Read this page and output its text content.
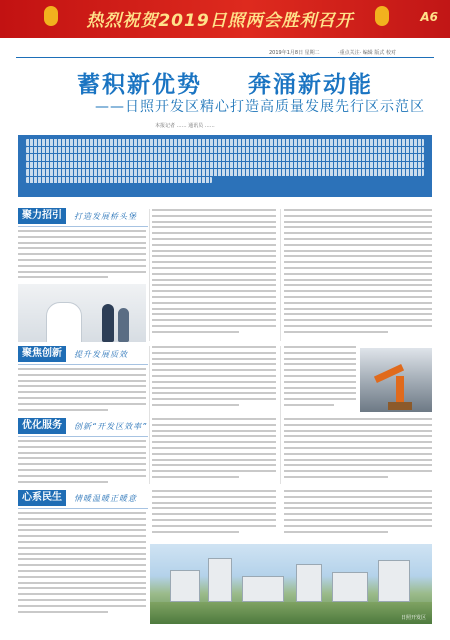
热烈祝贺2019日照两会胜利召开	A6
2019年1月8日 星期二	·重点关注· 编辑 版式 校对
蓄积新优势 奔涌新动能
——日照开发区精心打造高质量发展先行区示范区
本报记者 …… 通讯员 ……
聚力招引	打造发展桥头堡
聚焦创新	提升发展质效
优化服务	创新“开发区效率”
心系民生	情暖温暖正暖意
日照开发区
